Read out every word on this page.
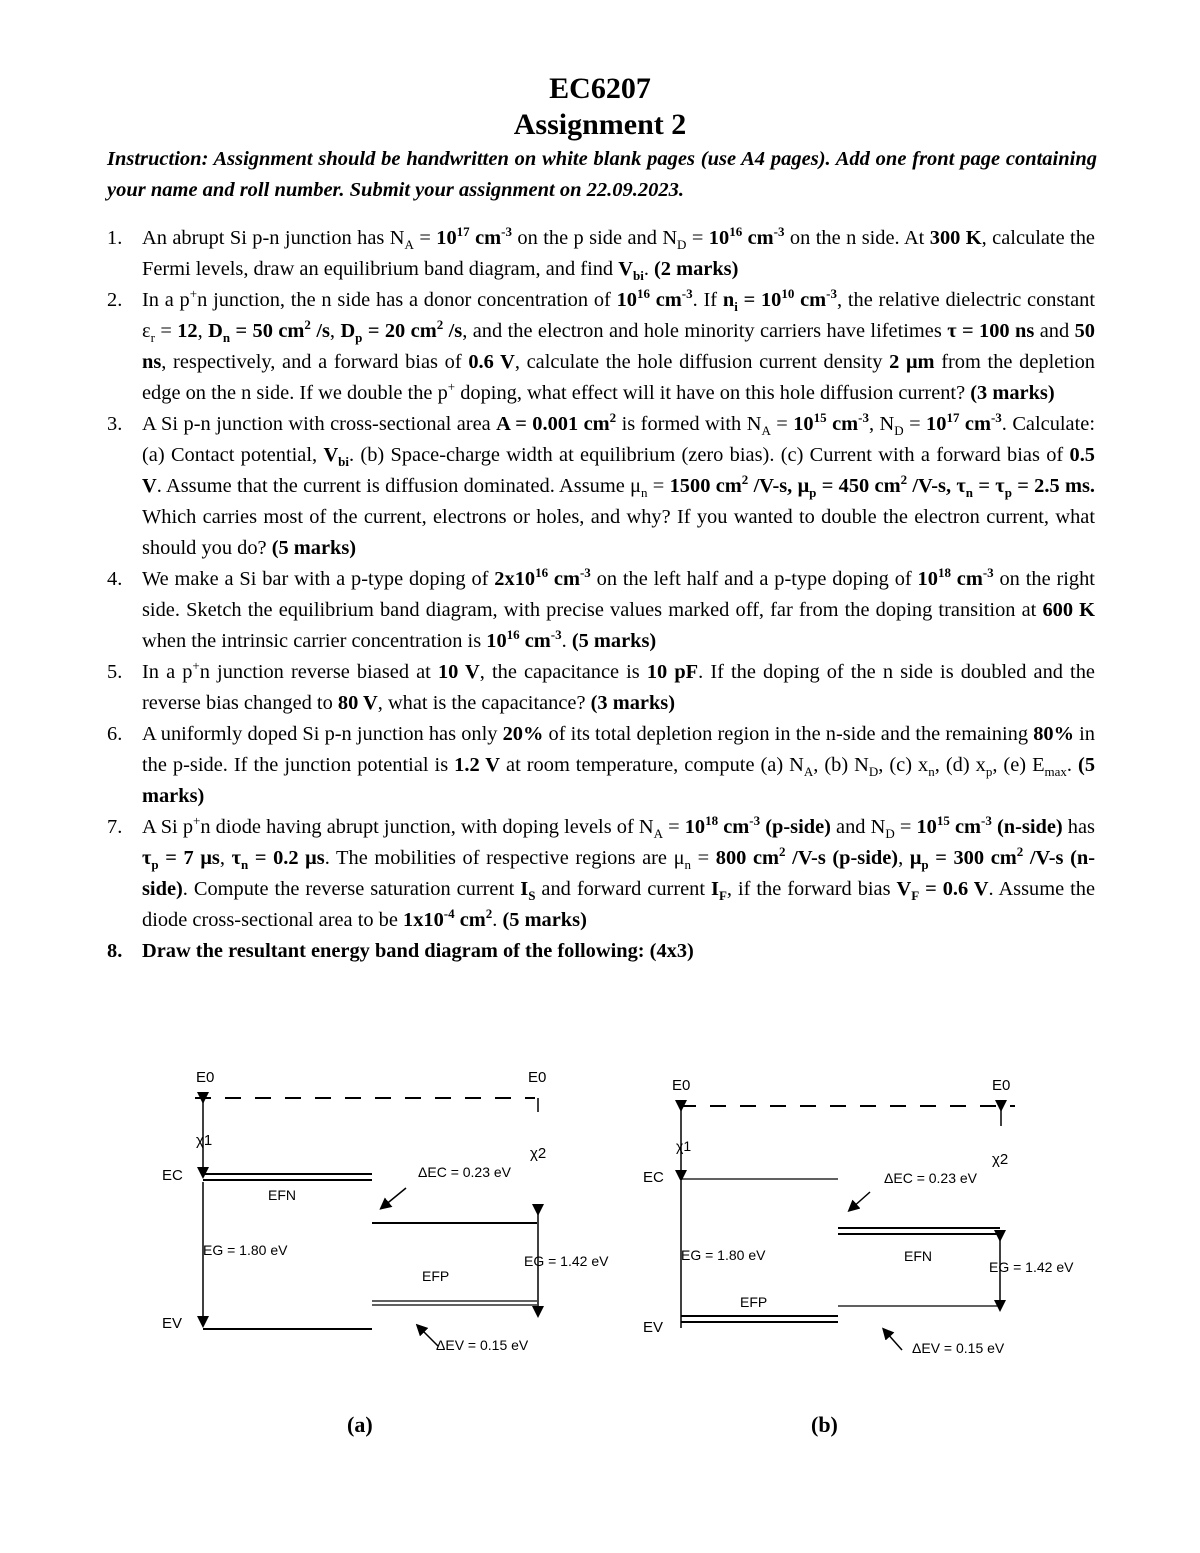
EC6207
Assignment 2
Instruction: Assignment should be handwritten on white blank pages (use A4 pages). Add one front page containing your name and roll number. Submit your assignment on 22.09.2023.
1. An abrupt Si p-n junction has $N_A = 10^{17}$ $cm^{-3}$ on the p side and $N_D = 10^{16}$ $cm^{-3}$ on the n side. At 300 K, calculate the Fermi levels, draw an equilibrium band diagram, and find $V_{bi}$. (2 marks)
2. In a p+n junction, the n side has a donor concentration of $10^{16}$ $cm^{-3}$. If $n_i = 10^{10}$ $cm^{-3}$, the relative dielectric constant $\varepsilon_r = 12$, $D_n = 50$ $cm^2$ /s, $D_p = 20$ $cm^2$ /s, and the electron and hole minority carriers have lifetimes τ = 100 ns and 50 ns, respectively, and a forward bias of 0.6 V, calculate the hole diffusion current density 2 μm from the depletion edge on the n side. If we double the p+ doping, what effect will it have on this hole diffusion current? (3 marks)
3. A Si p-n junction with cross-sectional area A = 0.001 $cm^2$ is formed with $N_A = 10^{15}$ $cm^{-3}$, $N_D = 10^{17}$ $cm^{-3}$. Calculate: (a) Contact potential, $V_{bi}$. (b) Space-charge width at equilibrium (zero bias). (c) Current with a forward bias of 0.5 V. Assume that the current is diffusion dominated. Assume $\mu_n = 1500$ $cm^2$ /V-s, $\mu_p = 450$ $cm^2$ /V-s, $\tau_n = \tau_p = 2.5$ ms. Which carries most of the current, electrons or holes, and why? If you wanted to double the electron current, what should you do? (5 marks)
4. We make a Si bar with a p-type doping of $2x10^{16}$ $cm^{-3}$ on the left half and a p-type doping of $10^{18}$ $cm^{-3}$ on the right side. Sketch the equilibrium band diagram, with precise values marked off, far from the doping transition at 600 K when the intrinsic carrier concentration is $10^{16}$ $cm^{-3}$. (5 marks)
5. In a p+n junction reverse biased at 10 V, the capacitance is 10 pF. If the doping of the n side is doubled and the reverse bias changed to 80 V, what is the capacitance? (3 marks)
6. A uniformly doped Si p-n junction has only 20% of its total depletion region in the n-side and the remaining 80% in the p-side. If the junction potential is 1.2 V at room temperature, compute (a) $N_A$, (b) $N_D$, (c) $x_n$, (d) $x_p$, (e) $E_{max}$. (5 marks)
7. A Si p+n diode having abrupt junction, with doping levels of $N_A = 10^{18}$ $cm^{-3}$ (p-side) and $N_D = 10^{15}$ $cm^{-3}$ (n-side) has $\tau_p = 7$ μs, $\tau_n = 0.2$ μs. The mobilities of respective regions are $\mu_n = 800$ $cm^2$ /V-s (p-side), $\mu_p = 300$ $cm^2$ /V-s (n-side). Compute the reverse saturation current $I_S$ and forward current $I_F$, if the forward bias $V_F = 0.6$ V. Assume the diode cross-sectional area to be $1x10^{-4}$ $cm^2$. (5 marks)
8. Draw the resultant energy band diagram of the following: (4x3)
E0	E0
χ1
χ2
EC
EFN
EG = 1.80 eV
EV
ΔEC = 0.23 eV
EG = 1.42 eV
EFP
ΔEV = 0.15 eV
E0	E0
χ1
χ2
EC
EG = 1.80 eV
EFP
EV
ΔEC = 0.23 eV
EFN
EG = 1.42 eV
ΔEV = 0.15 eV
(a)	(b)
